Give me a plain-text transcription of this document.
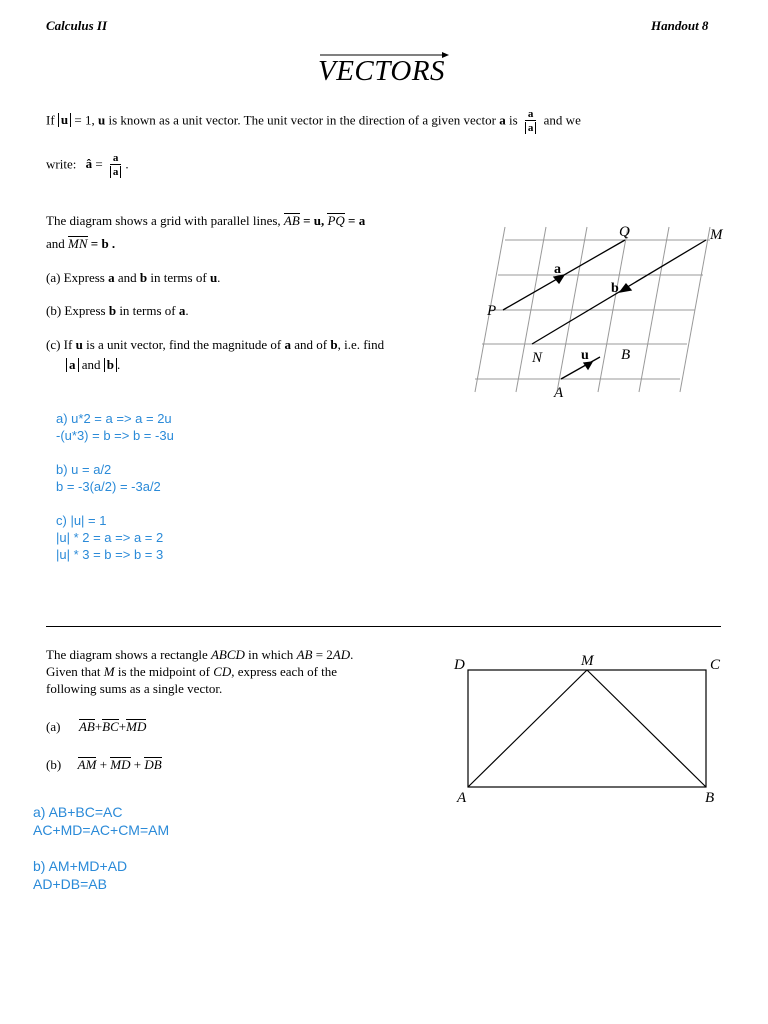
Calculus II	Handout 8
VECTORS
If u = 1, u is known as a unit vector. The unit vector in the direction of a given vector a is $\frac{a}{a}$ and we
write: â = $\frac{a}{a}$ .
The diagram shows a grid with parallel lines, AB = u, PQ = a
and MN = b .
(a) Express a and b in terms of u.
(b) Express b in terms of a.
(c) If u is a unit vector, find the magnitude of a and of b, i.e. find
a and b .
a) u*2 = a => a = 2u
-(u*3) = b => b = -3u
b) u = a/2
b = -3(a/2) = -3a/2
c) |u| = 1
|u| * 2 = a => a = 2
|u| * 3 = b => b = 3
Q	M
P
N
A
B
a
b
u
The diagram shows a rectangle ABCD in which AB = 2AD.
Given that M is the midpoint of CD, express each of the
following sums as a single vector.
(a) AB+BC+MD
(b) AM + MD + DB
D	M	C
A	B
a) AB+BC=AC
AC+MD=AC+CM=AM
b) AM+MD+AD
AD+DB=AB
